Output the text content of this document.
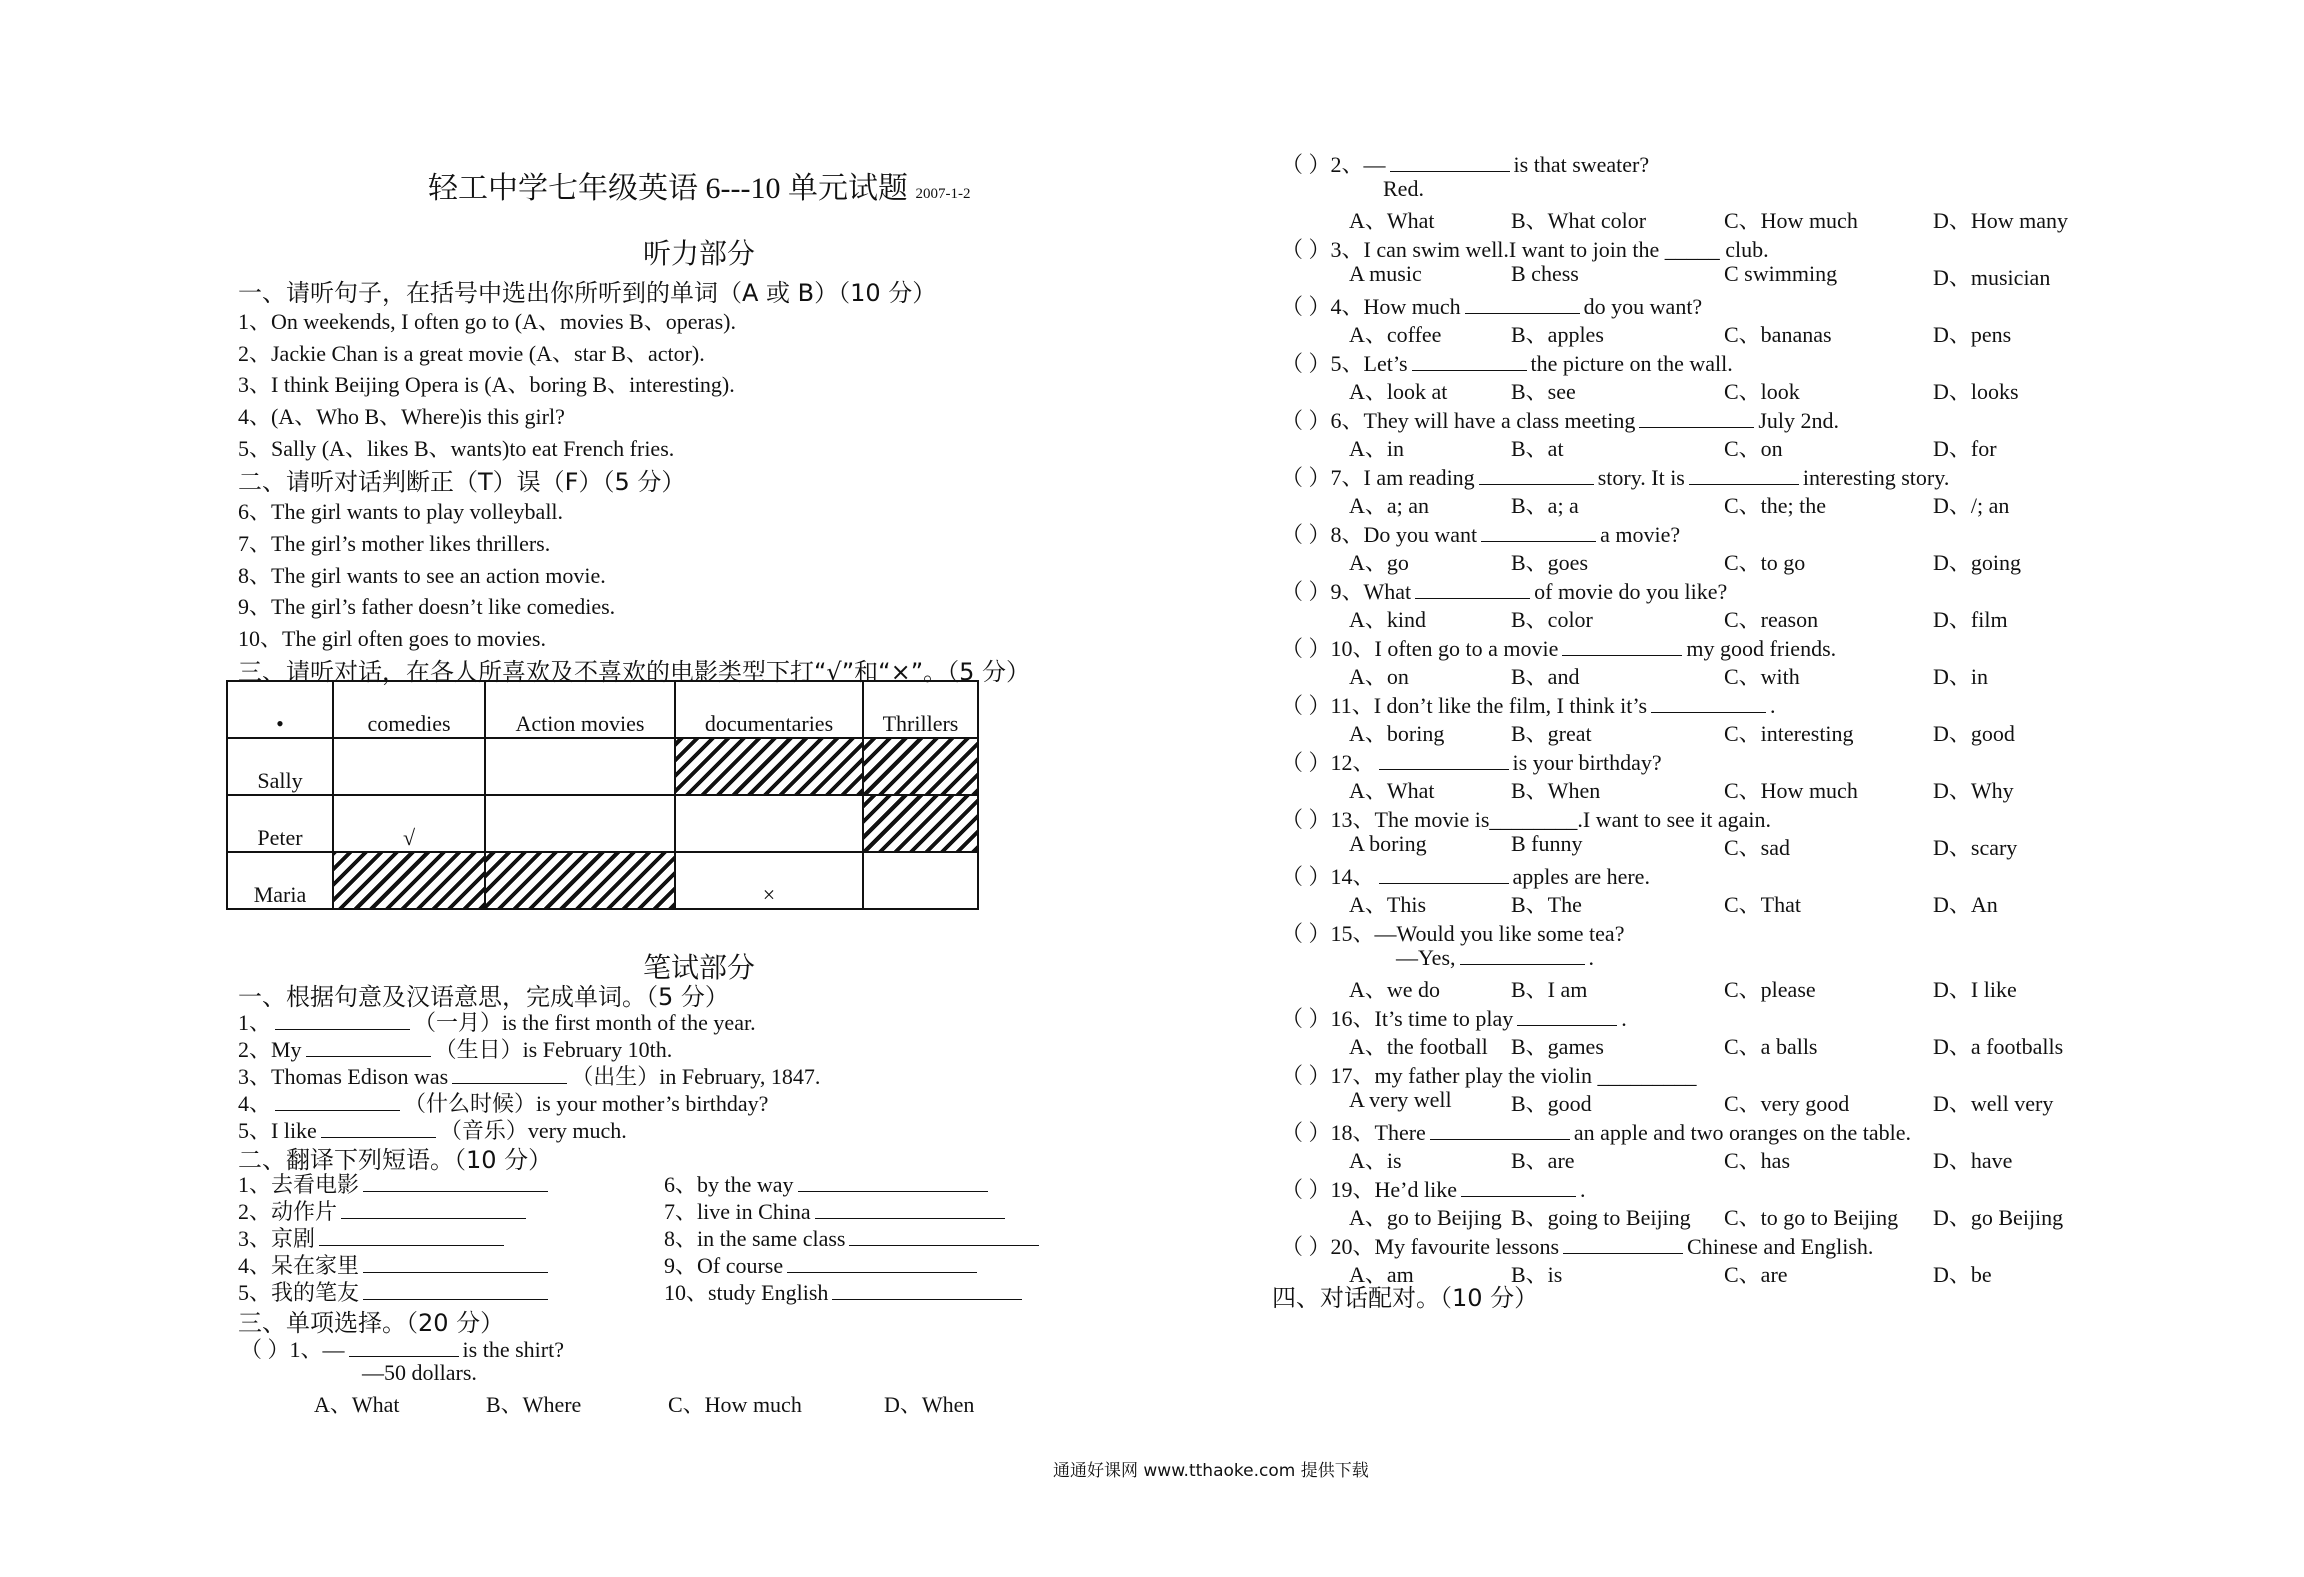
轻工中学七年级英语 6---10 单元试题 2007-1-2
听力部分
一、请听句子，在括号中选出你所听到的单词（A 或 B）（10 分）
1、On weekends, I often go to (A、movies B、operas).
2、Jackie Chan is a great movie (A、star B、actor).
3、I think Beijing Opera is (A、boring B、interesting).
4、(A、Who B、Where)is this girl?
5、Sally (A、likes B、wants)to eat French fries.
二、请听对话判断正（T）误（F）（5 分）
6、The girl wants to play volleyball.
7、The girl’s mother likes thrillers.
8、The girl wants to see an action movie.
9、The girl’s father doesn’t like comedies.
10、The girl often goes to movies.
三、请听对话，在各人所喜欢及不喜欢的电影类型下打“√”和“×”。（5 分）
•	comedies	Action movies	documentaries	Thrillers
Sally				
Peter	√			
Maria			×	
笔试部分
一、根据句意及汉语意思，完成单词。（5 分）
1、	（一月）is the first month of the year.
2、My	（生日）is February 10th.
3、Thomas Edison was	（出生）in February, 1847.
4、	（什么时候）is your mother’s birthday?
5、I like	（音乐）very much.
二、翻译下列短语。（10 分）
1、去看电影
2、动作片
3、京剧
4、呆在家里
5、我的笔友
6、by the way
7、live in China
8、in the same class
9、Of course
10、study English
三、单项选择。（20 分）
（ ）1、—	is the shirt?
—50 dollars.
A、What	B、Where	C、How much	D、When
（ ）2、—	is that sweater?
Red.
A、What	B、What color	C、How much	D、How many
（ ）3、I can swim well.I want to join the _____ club.
A music	B chess	C swimming	D、musician
（ ）4、How much	do you want?
A、coffee	B、apples	C、bananas	D、pens
（ ）5、Let’s	the picture on the wall.
A、look at	B、see	C、look	D、looks
（ ）6、They will have a class meeting	July 2nd.
A、in	B、at	C、on	D、for
（ ）7、I am reading	story. It is	interesting story.
A、a; an	B、a; a	C、the; the	D、/; an
（ ）8、Do you want	a movie?
A、go	B、goes	C、to go	D、going
（ ）9、What	of movie do you like?
A、kind	B、color	C、reason	D、film
（ ）10、I often go to a movie	my good friends.
A、on	B、and	C、with	D、in
（ ）11、I don’t like the film, I think it’s	.
A、boring	B、great	C、interesting	D、good
（ ）12、	is your birthday?
A、What	B、When	C、How much	D、Why
（ ）13、The movie is________.I want to see it again.
A boring	B funny	C、sad	D、scary
（ ）14、	apples are here.
A、This	B、The	C、That	D、An
（ ）15、—Would you like some tea?
—Yes,	.
A、we do	B、I am	C、please	D、I like
（ ）16、It’s time to play	.
A、the football B、games	C、a balls	D、a footballs
（ ）17、my father play the violin _________
A very well	B、good	C、very good	D、well very
（ ）18、There	an apple and two oranges on the table.
A、is	B、are	C、has	D、have
（ ）19、He’d like	.
A、go to Beijing B、going to Beijing C、to go to Beijing D、go Beijing
（ ）20、My favourite lessons	Chinese and English.
A、am	B、is	C、are	D、be
四、对话配对。（10 分）
通通好课网 www.tthaoke.com 提供下载
